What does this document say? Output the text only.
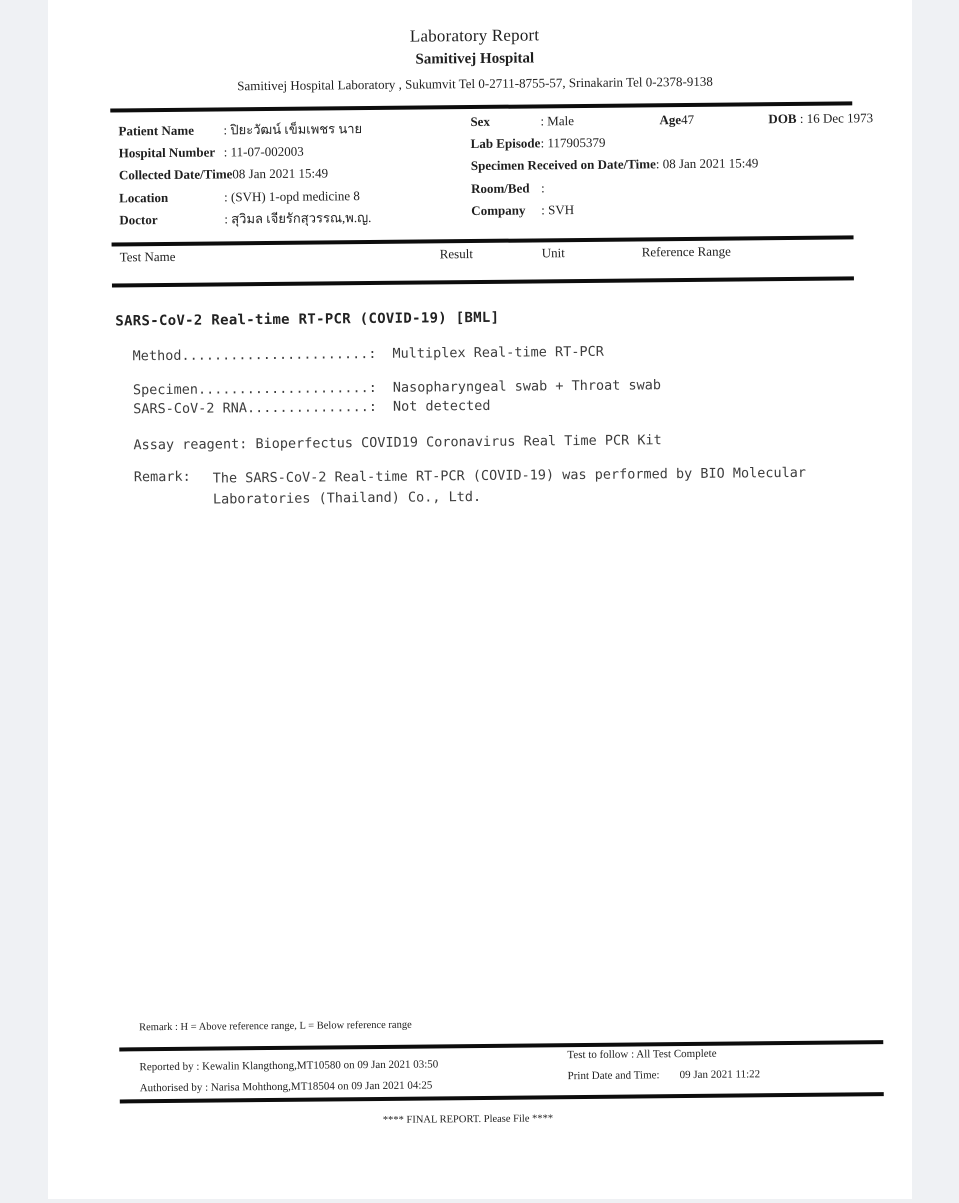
Laboratory Report
Samitivej Hospital
Samitivej Hospital Laboratory , Sukumvit Tel 0-2711-8755-57, Srinakarin Tel 0-2378-9138
Patient Name	: ปิยะวัฒน์ เข็มเพชร นาย
Hospital Number : 11-07-002003
Collected Date/Time 08 Jan 2021 15:49
Location	: (SVH) 1-opd medicine 8
Doctor	: สุวิมล เจียรักสุวรรณ,พ.ญ.
Sex	: Male	Age47	DOB : 16 Dec 1973
Lab Episode : 117905379
Specimen Received on Date/Time : 08 Jan 2021 15:49
Room/Bed :
Company	: SVH
Test Name	Result	Unit	Reference Range
SARS-CoV-2 Real-time RT-PCR (COVID-19) [BML]
Method.......................: Multiplex Real-time RT-PCR
Specimen.....................: Nasopharyngeal swab + Throat swab
SARS-CoV-2 RNA...............: Not detected
Assay reagent: Bioperfectus COVID19 Coronavirus Real Time PCR Kit
Remark: The SARS-CoV-2 Real-time RT-PCR (COVID-19) was performed by BIO Molecular
Laboratories (Thailand) Co., Ltd.
Remark : H = Above reference range, L = Below reference range
Reported by : Kewalin Klangthong,MT10580 on 09 Jan 2021 03:50
Authorised by : Narisa Mohthong,MT18504 on 09 Jan 2021 04:25
Test to follow : All Test Complete
Print Date and Time:	09 Jan 2021 11:22
**** FINAL REPORT. Please File ****
